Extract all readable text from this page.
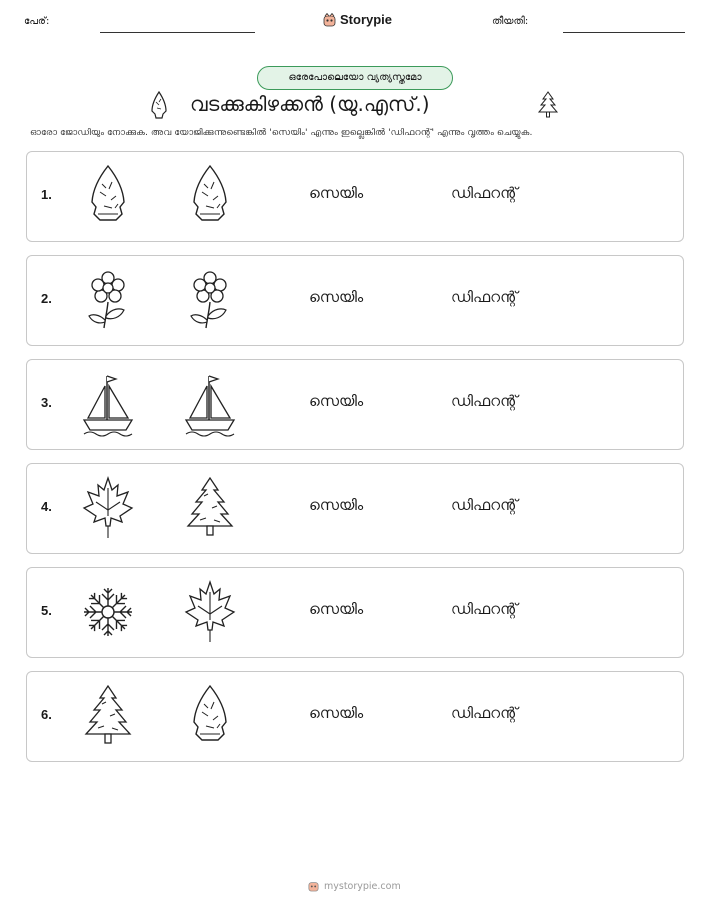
പേര്:	Storypie	തീയതി:
ഒരേപോലെയോ വ്യത്യസ്തമോ
വടക്കുകിഴക്കൻ (യു.എസ്.)
ഓരോ ജോഡിയും നോക്കുക. അവ യോജിക്കുന്നുണ്ടെങ്കിൽ 'സെയിം' എന്നും ഇല്ലെങ്കിൽ 'ഡിഫറന്റ്' എന്നും വൃത്തം ചെയ്യുക.
1.	സെയിം	ഡിഫറന്റ്
2.	സെയിം	ഡിഫറന്റ്
3.	സെയിം	ഡിഫറന്റ്
4.	സെയിം	ഡിഫറന്റ്
5.	സെയിം	ഡിഫറന്റ്
6.	സെയിം	ഡിഫറന്റ്
mystorypie.com
